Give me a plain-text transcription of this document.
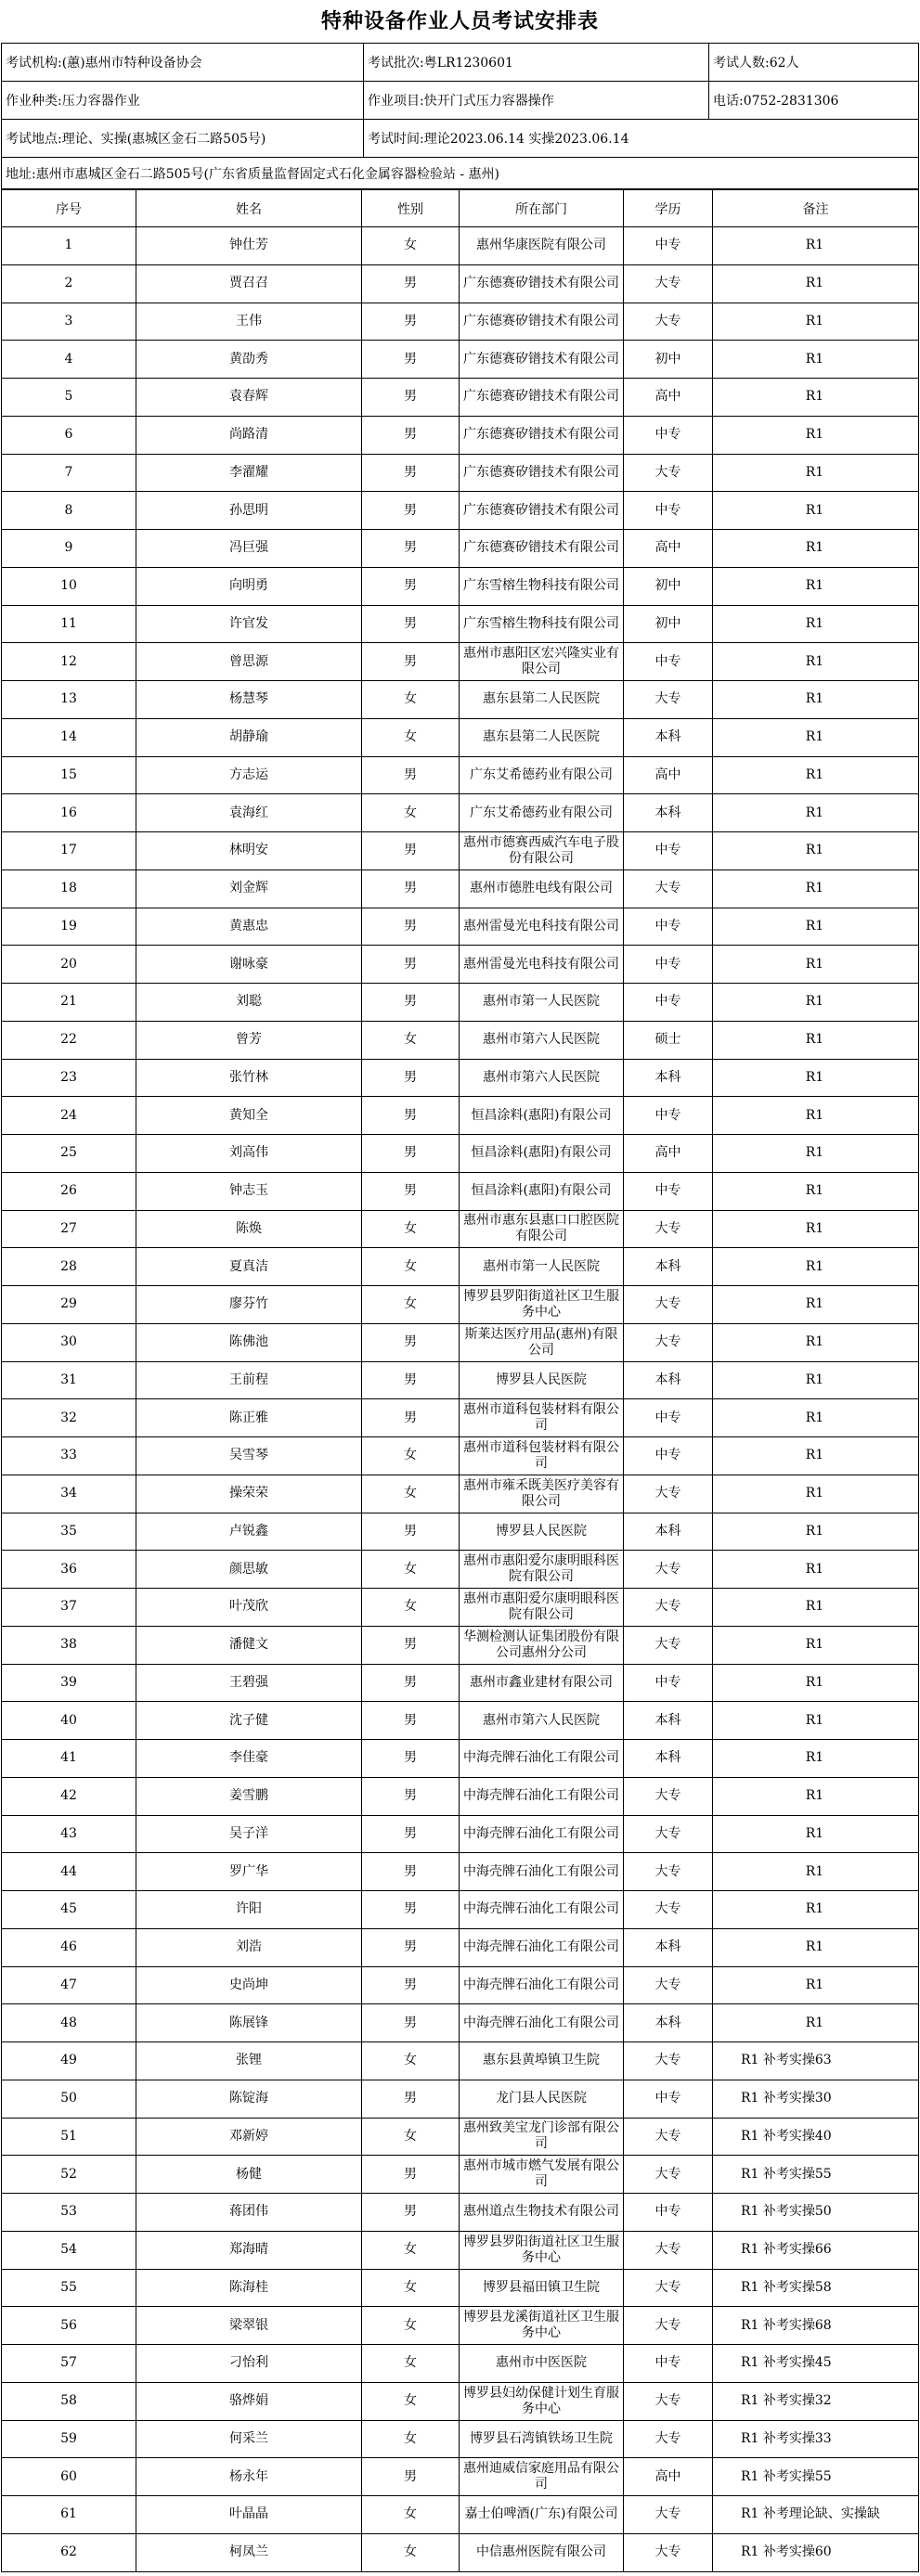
特种设备作业人员考试安排表
考试机构:(蕙)惠州市特种设备协会	考试批次:粤LR1230601	考试人数:62人
作业种类:压力容器作业	作业项目:快开门式压力容器操作	电话:0752-2831306
考试地点:理论、实操(惠城区金石二路505号)	考试时间:理论2023.06.14 实操2023.06.14	
地址:惠州市惠城区金石二路505号(广东省质量监督固定式石化金属容器检验站 - 惠州)		
序号	姓名	性别	所在部门	学历	备注
1	钟仕芳	女	惠州华康医院有限公司	中专	R1
2	贾召召	男	广东德赛矽镨技术有限公司	大专	R1
3	王伟	男	广东德赛矽镨技术有限公司	大专	R1
4	黄劭秀	男	广东德赛矽镨技术有限公司	初中	R1
5	袁春辉	男	广东德赛矽镨技术有限公司	高中	R1
6	尚路清	男	广东德赛矽镨技术有限公司	中专	R1
7	李濯耀	男	广东德赛矽镨技术有限公司	大专	R1
8	孙思明	男	广东德赛矽镨技术有限公司	中专	R1
9	冯巨强	男	广东德赛矽镨技术有限公司	高中	R1
10	向明勇	男	广东雪榕生物科技有限公司	初中	R1
11	许官发	男	广东雪榕生物科技有限公司	初中	R1
12	曾思源	男	惠州市惠阳区宏兴隆实业有限公司	中专	R1
13	杨慧琴	女	惠东县第二人民医院	大专	R1
14	胡静瑜	女	惠东县第二人民医院	本科	R1
15	方志运	男	广东艾希德药业有限公司	高中	R1
16	袁海红	女	广东艾希德药业有限公司	本科	R1
17	林明安	男	惠州市德赛西威汽车电子股份有限公司	中专	R1
18	刘金辉	男	惠州市德胜电线有限公司	大专	R1
19	黄惠忠	男	惠州雷曼光电科技有限公司	中专	R1
20	谢咏豪	男	惠州雷曼光电科技有限公司	中专	R1
21	刘聪	男	惠州市第一人民医院	中专	R1
22	曾芳	女	惠州市第六人民医院	硕士	R1
23	张竹林	男	惠州市第六人民医院	本科	R1
24	黄知全	男	恒昌涂料(惠阳)有限公司	中专	R1
25	刘高伟	男	恒昌涂料(惠阳)有限公司	高中	R1
26	钟志玉	男	恒昌涂料(惠阳)有限公司	中专	R1
27	陈焕	女	惠州市惠东县惠口口腔医院有限公司	大专	R1
28	夏真洁	女	惠州市第一人民医院	本科	R1
29	廖芬竹	女	博罗县罗阳街道社区卫生服务中心	大专	R1
30	陈佛池	男	斯莱达医疗用品(惠州)有限公司	大专	R1
31	王前程	男	博罗县人民医院	本科	R1
32	陈正雅	男	惠州市道科包装材料有限公司	中专	R1
33	吴雪琴	女	惠州市道科包装材料有限公司	中专	R1
34	操荣荣	女	惠州市雍禾既美医疗美容有限公司	大专	R1
35	卢锐鑫	男	博罗县人民医院	本科	R1
36	颜思敏	女	惠州市惠阳爱尔康明眼科医院有限公司	大专	R1
37	叶茂欣	女	惠州市惠阳爱尔康明眼科医院有限公司	大专	R1
38	潘健文	男	华测检测认证集团股份有限公司惠州分公司	大专	R1
39	王碧强	男	惠州市鑫业建材有限公司	中专	R1
40	沈子健	男	惠州市第六人民医院	本科	R1
41	李佳豪	男	中海壳牌石油化工有限公司	本科	R1
42	姜雪鹏	男	中海壳牌石油化工有限公司	大专	R1
43	吴子洋	男	中海壳牌石油化工有限公司	大专	R1
44	罗广华	男	中海壳牌石油化工有限公司	大专	R1
45	许阳	男	中海壳牌石油化工有限公司	大专	R1
46	刘浩	男	中海壳牌石油化工有限公司	本科	R1
47	史尚坤	男	中海壳牌石油化工有限公司	大专	R1
48	陈展锋	男	中海壳牌石油化工有限公司	本科	R1
49	张锂	女	惠东县黄埠镇卫生院	大专	R1 补考实操63
50	陈锭海	男	龙门县人民医院	中专	R1 补考实操30
51	邓新婷	女	惠州致美宝龙门诊部有限公司	大专	R1 补考实操40
52	杨健	男	惠州市城市燃气发展有限公司	大专	R1 补考实操55
53	蒋团伟	男	惠州道点生物技术有限公司	中专	R1 补考实操50
54	郑海晴	女	博罗县罗阳街道社区卫生服务中心	大专	R1 补考实操66
55	陈海桂	女	博罗县福田镇卫生院	大专	R1 补考实操58
56	梁翠银	女	博罗县龙溪街道社区卫生服务中心	大专	R1 补考实操68
57	刁怡利	女	惠州市中医医院	中专	R1 补考实操45
58	骆烨娟	女	博罗县妇幼保健计划生育服务中心	大专	R1 补考实操32
59	何采兰	女	博罗县石湾镇铁场卫生院	大专	R1 补考实操33
60	杨永年	男	惠州迪威信家庭用品有限公司	高中	R1 补考实操55
61	叶晶晶	女	嘉士伯啤酒(广东)有限公司	大专	R1 补考理论缺、实操缺
62	柯凤兰	女	中信惠州医院有限公司	大专	R1 补考实操60
